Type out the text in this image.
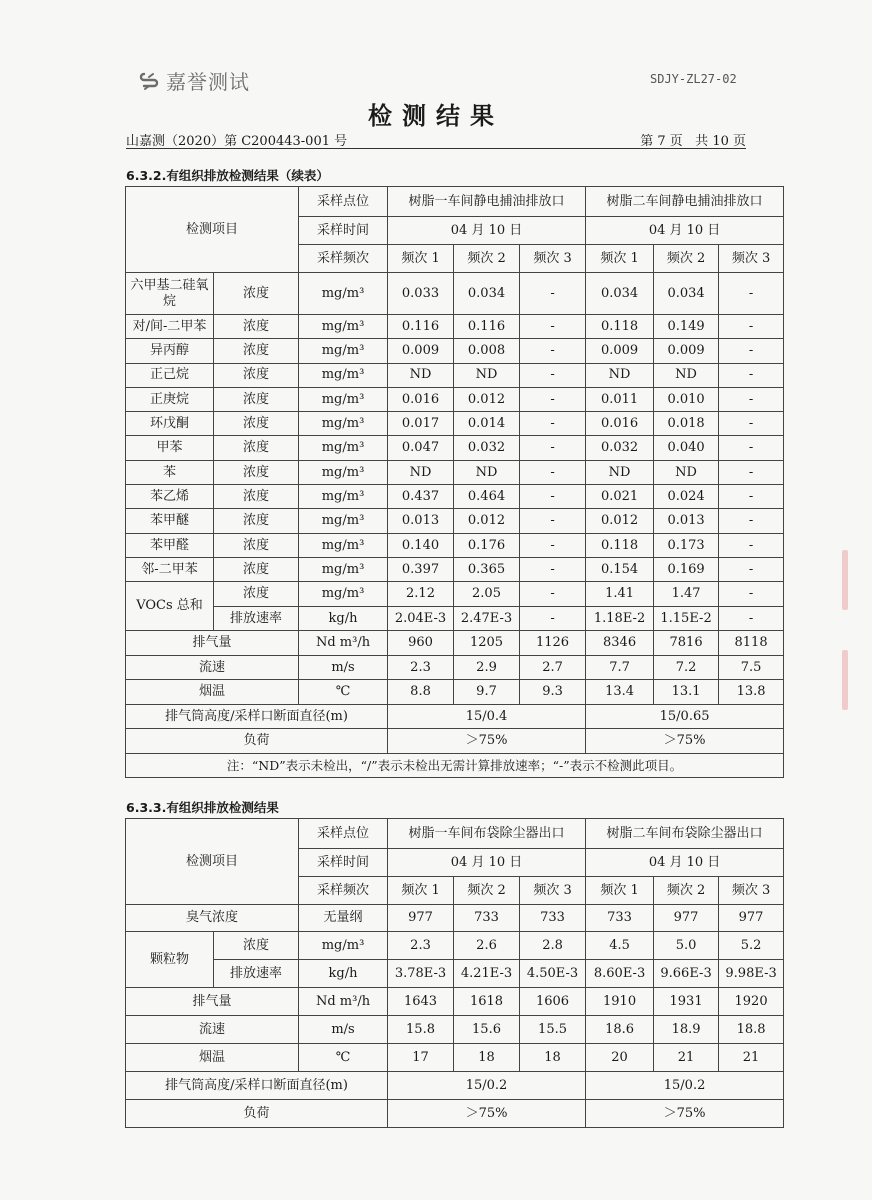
嘉誉测试	SDJY-ZL27-02
检测结果
山嘉测（2020）第 C200443-001 号	第 7 页   共 10 页
6.3.2.有组织排放检测结果（续表）
检测项目		采样点位	树脂一车间静电捕油排放口			树脂二车间静电捕油排放口		
		采样时间	04 月 10 日			04 月 10 日		
		采样频次	频次 1	频次 2	频次 3	频次 1	频次 2	频次 3
六甲基二硅氧烷	浓度	mg/m³	0.033	0.034	-	0.034	0.034	-
对/间-二甲苯	浓度	mg/m³	0.116	0.116	-	0.118	0.149	-
异丙醇	浓度	mg/m³	0.009	0.008	-	0.009	0.009	-
正己烷	浓度	mg/m³	ND	ND	-	ND	ND	-
正庚烷	浓度	mg/m³	0.016	0.012	-	0.011	0.010	-
环戊酮	浓度	mg/m³	0.017	0.014	-	0.016	0.018	-
甲苯	浓度	mg/m³	0.047	0.032	-	0.032	0.040	-
苯	浓度	mg/m³	ND	ND	-	ND	ND	-
苯乙烯	浓度	mg/m³	0.437	0.464	-	0.021	0.024	-
苯甲醚	浓度	mg/m³	0.013	0.012	-	0.012	0.013	-
苯甲醛	浓度	mg/m³	0.140	0.176	-	0.118	0.173	-
邻-二甲苯	浓度	mg/m³	0.397	0.365	-	0.154	0.169	-
VOCs 总和	浓度	mg/m³	2.12	2.05	-	1.41	1.47	-
	排放速率	kg/h	2.04E-3	2.47E-3	-	1.18E-2	1.15E-2	-
排气量		Nd m³/h	960	1205	1126	8346	7816	8118
流速		m/s	2.3	2.9	2.7	7.7	7.2	7.5
烟温		℃	8.8	9.7	9.3	13.4	13.1	13.8
排气筒高度/采样口断面直径(m)			15/0.4			15/0.65		
负荷			＞75%			＞75%		
注：“ND”表示未检出，“/”表示未检出无需计算排放速率；“-”表示不检测此项目。								
6.3.3.有组织排放检测结果
检测项目		采样点位	树脂一车间布袋除尘器出口			树脂二车间布袋除尘器出口		
		采样时间	04 月 10 日			04 月 10 日		
		采样频次	频次 1	频次 2	频次 3	频次 1	频次 2	频次 3
臭气浓度		无量纲	977	733	733	733	977	977
颗粒物	浓度	mg/m³	2.3	2.6	2.8	4.5	5.0	5.2
	排放速率	kg/h	3.78E-3	4.21E-3	4.50E-3	8.60E-3	9.66E-3	9.98E-3
排气量		Nd m³/h	1643	1618	1606	1910	1931	1920
流速		m/s	15.8	15.6	15.5	18.6	18.9	18.8
烟温		℃	17	18	18	20	21	21
排气筒高度/采样口断面直径(m)			15/0.2			15/0.2		
负荷			＞75%			＞75%		
